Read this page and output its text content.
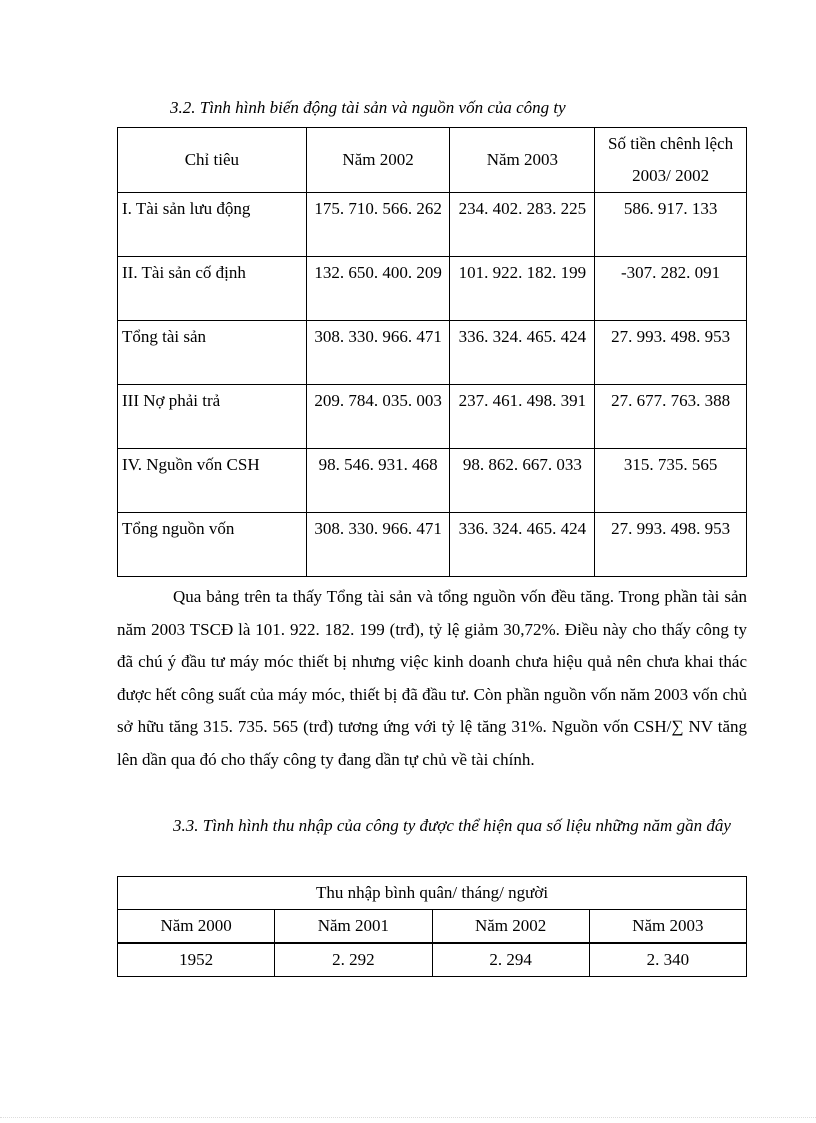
3.2. Tình hình biến động tài sản và nguồn vốn của công ty
Chỉ tiêu	Năm 2002	Năm 2003	Số tiền chênh lệch 2003/ 2002
I. Tài sản lưu động	175. 710. 566. 262	234. 402. 283. 225	586. 917. 133
II. Tài sản cố định	132. 650. 400. 209	101. 922. 182. 199	-307. 282. 091
Tổng tài sản	308. 330. 966. 471	336. 324. 465. 424	27. 993. 498. 953
III Nợ phải trả	209. 784. 035. 003	237. 461. 498. 391	27. 677. 763. 388
IV. Nguồn vốn CSH	98. 546. 931. 468	98. 862. 667. 033	315. 735. 565
Tổng nguồn vốn	308. 330. 966. 471	336. 324. 465. 424	27. 993. 498. 953

Qua bảng trên ta thấy Tổng tài sản và tổng nguồn vốn đều tăng. Trong phần tài sản năm 2003 TSCĐ là 101. 922. 182. 199 (trđ), tỷ lệ giảm 30,72%. Điều này cho thấy công ty đã chú ý đầu tư máy móc thiết bị nhưng việc kinh doanh chưa hiệu quả nên chưa khai thác được hết công suất của máy móc, thiết bị đã đầu tư. Còn phần nguồn vốn năm 2003 vốn chủ sở hữu tăng 315. 735. 565 (trđ) tương ứng với tỷ lệ tăng 31%. Nguồn vốn CSH/∑ NV tăng lên dần qua đó cho thấy công ty đang dần tự chủ về tài chính.

3.3. Tình hình thu nhập của công ty được thể hiện qua số liệu những năm gần đây
Thu nhập bình quân/ tháng/ người			
Năm 2000	Năm 2001	Năm 2002	Năm 2003
1952	2. 292	2. 294	2. 340
